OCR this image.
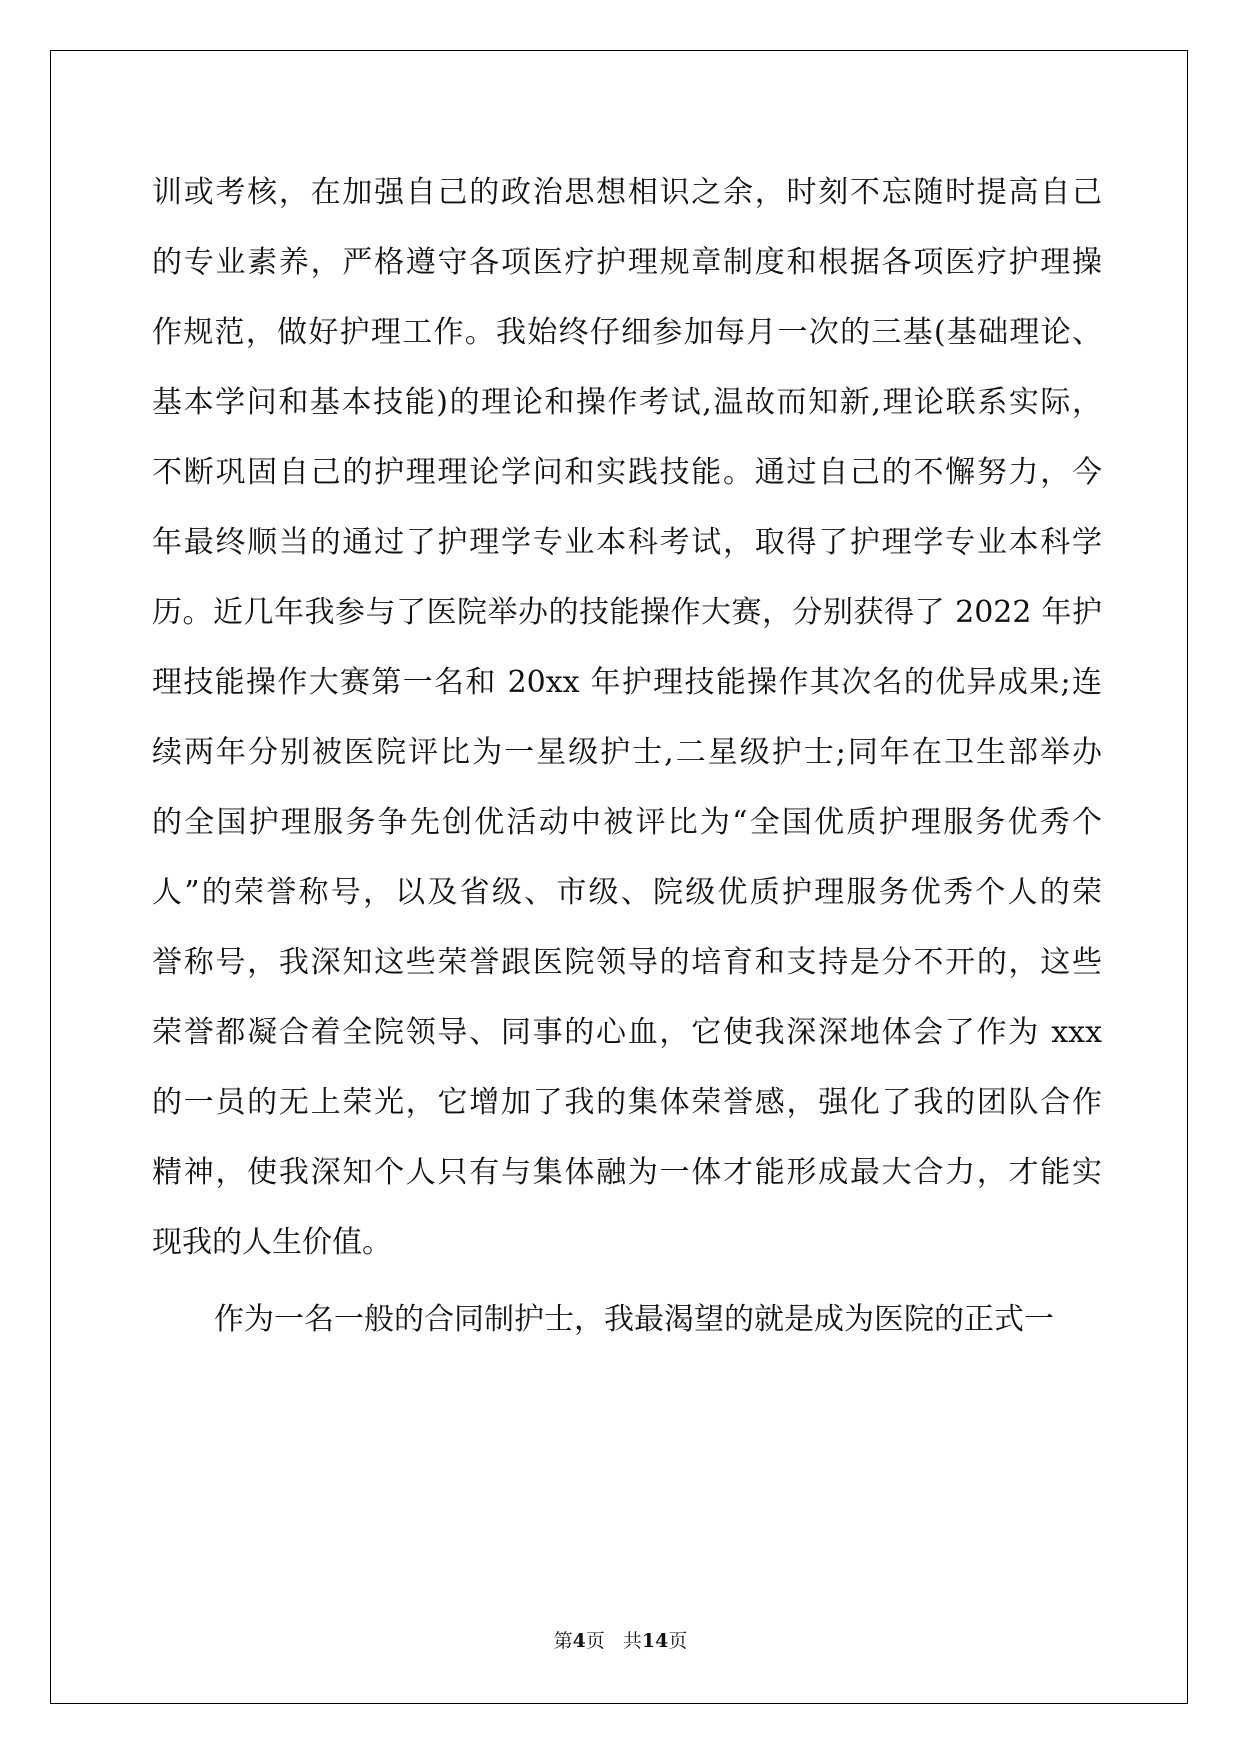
训或考核，在加强自己的政治思想相识之余，时刻不忘随时提高自己
的专业素养，严格遵守各项医疗护理规章制度和根据各项医疗护理操
作规范，做好护理工作。我始终仔细参加每月一次的三基(基础理论、
基本学问和基本技能)的理论和操作考试,温故而知新,理论联系实际，
不断巩固自己的护理理论学问和实践技能。通过自己的不懈努力，今
年最终顺当的通过了护理学专业本科考试，取得了护理学专业本科学
历。近几年我参与了医院举办的技能操作大赛，分别获得了 2022 年护
理技能操作大赛第一名和 20xx 年护理技能操作其次名的优异成果;连
续两年分别被医院评比为一星级护士,二星级护士;同年在卫生部举办
的全国护理服务争先创优活动中被评比为“全国优质护理服务优秀个
人”的荣誉称号，以及省级、市级、院级优质护理服务优秀个人的荣
誉称号，我深知这些荣誉跟医院领导的培育和支持是分不开的，这些
荣誉都凝合着全院领导、同事的心血，它使我深深地体会了作为 xxx
的一员的无上荣光，它增加了我的集体荣誉感，强化了我的团队合作
精神，使我深知个人只有与集体融为一体才能形成最大合力，才能实
现我的人生价值。
作为一名一般的合同制护士，我最渴望的就是成为医院的正式一
第4页 共14页
